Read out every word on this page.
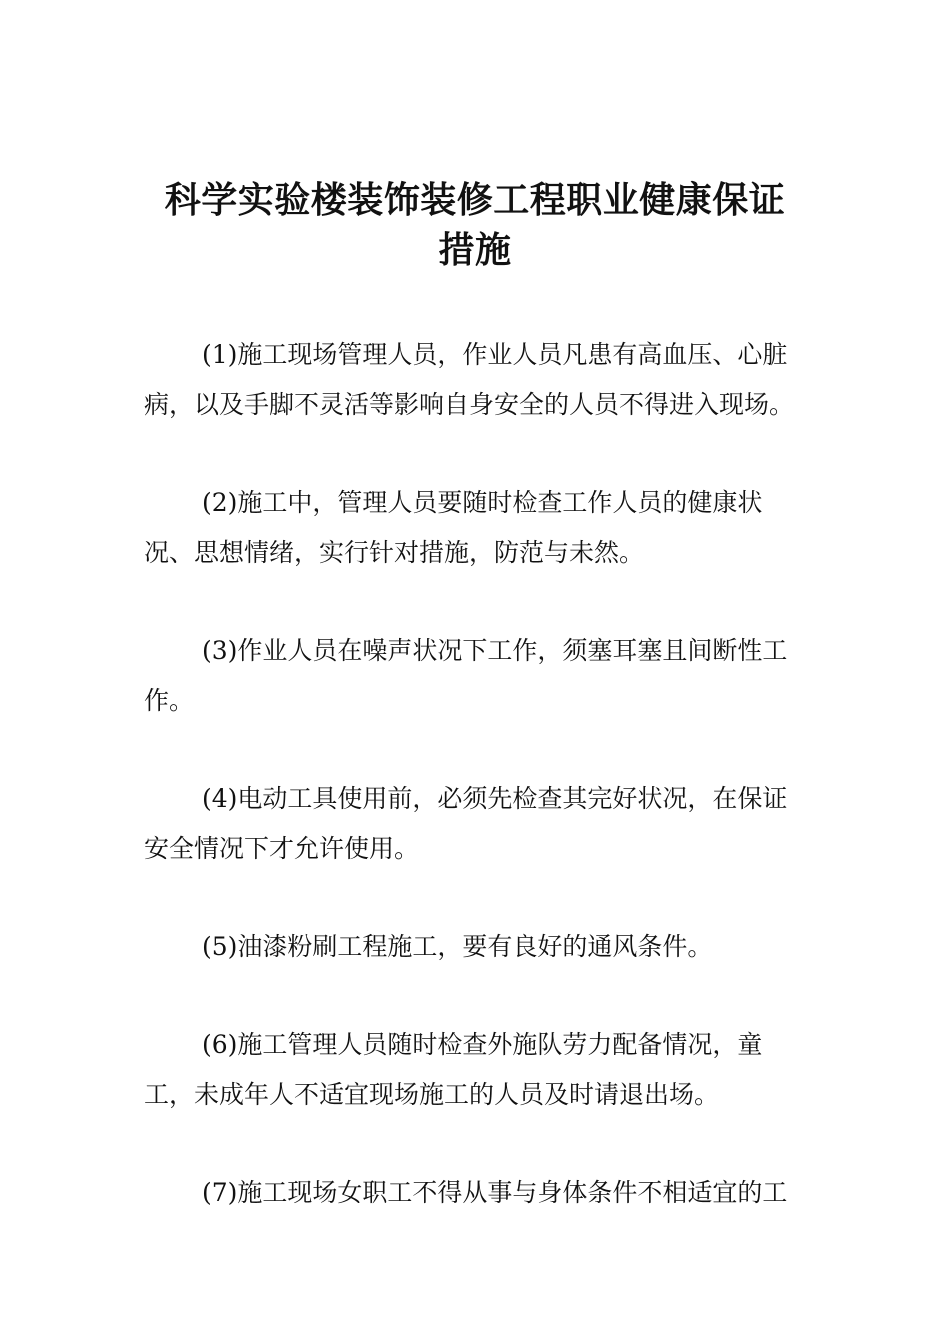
科学实验楼装饰装修工程职业健康保证措施

(1)施工现场管理人员，作业人员凡患有高血压、心脏病，以及手脚不灵活等影响自身安全的人员不得进入现场。

(2)施工中，管理人员要随时检查工作人员的健康状况、思想情绪，实行针对措施，防范与未然。

(3)作业人员在噪声状况下工作，须塞耳塞且间断性工作。

(4)电动工具使用前，必须先检查其完好状况，在保证安全情况下才允许使用。

(5)油漆粉刷工程施工，要有良好的通风条件。

(6)施工管理人员随时检查外施队劳力配备情况，童工，未成年人不适宜现场施工的人员及时请退出场。

(7)施工现场女职工不得从事与身体条件不相适宜的工
